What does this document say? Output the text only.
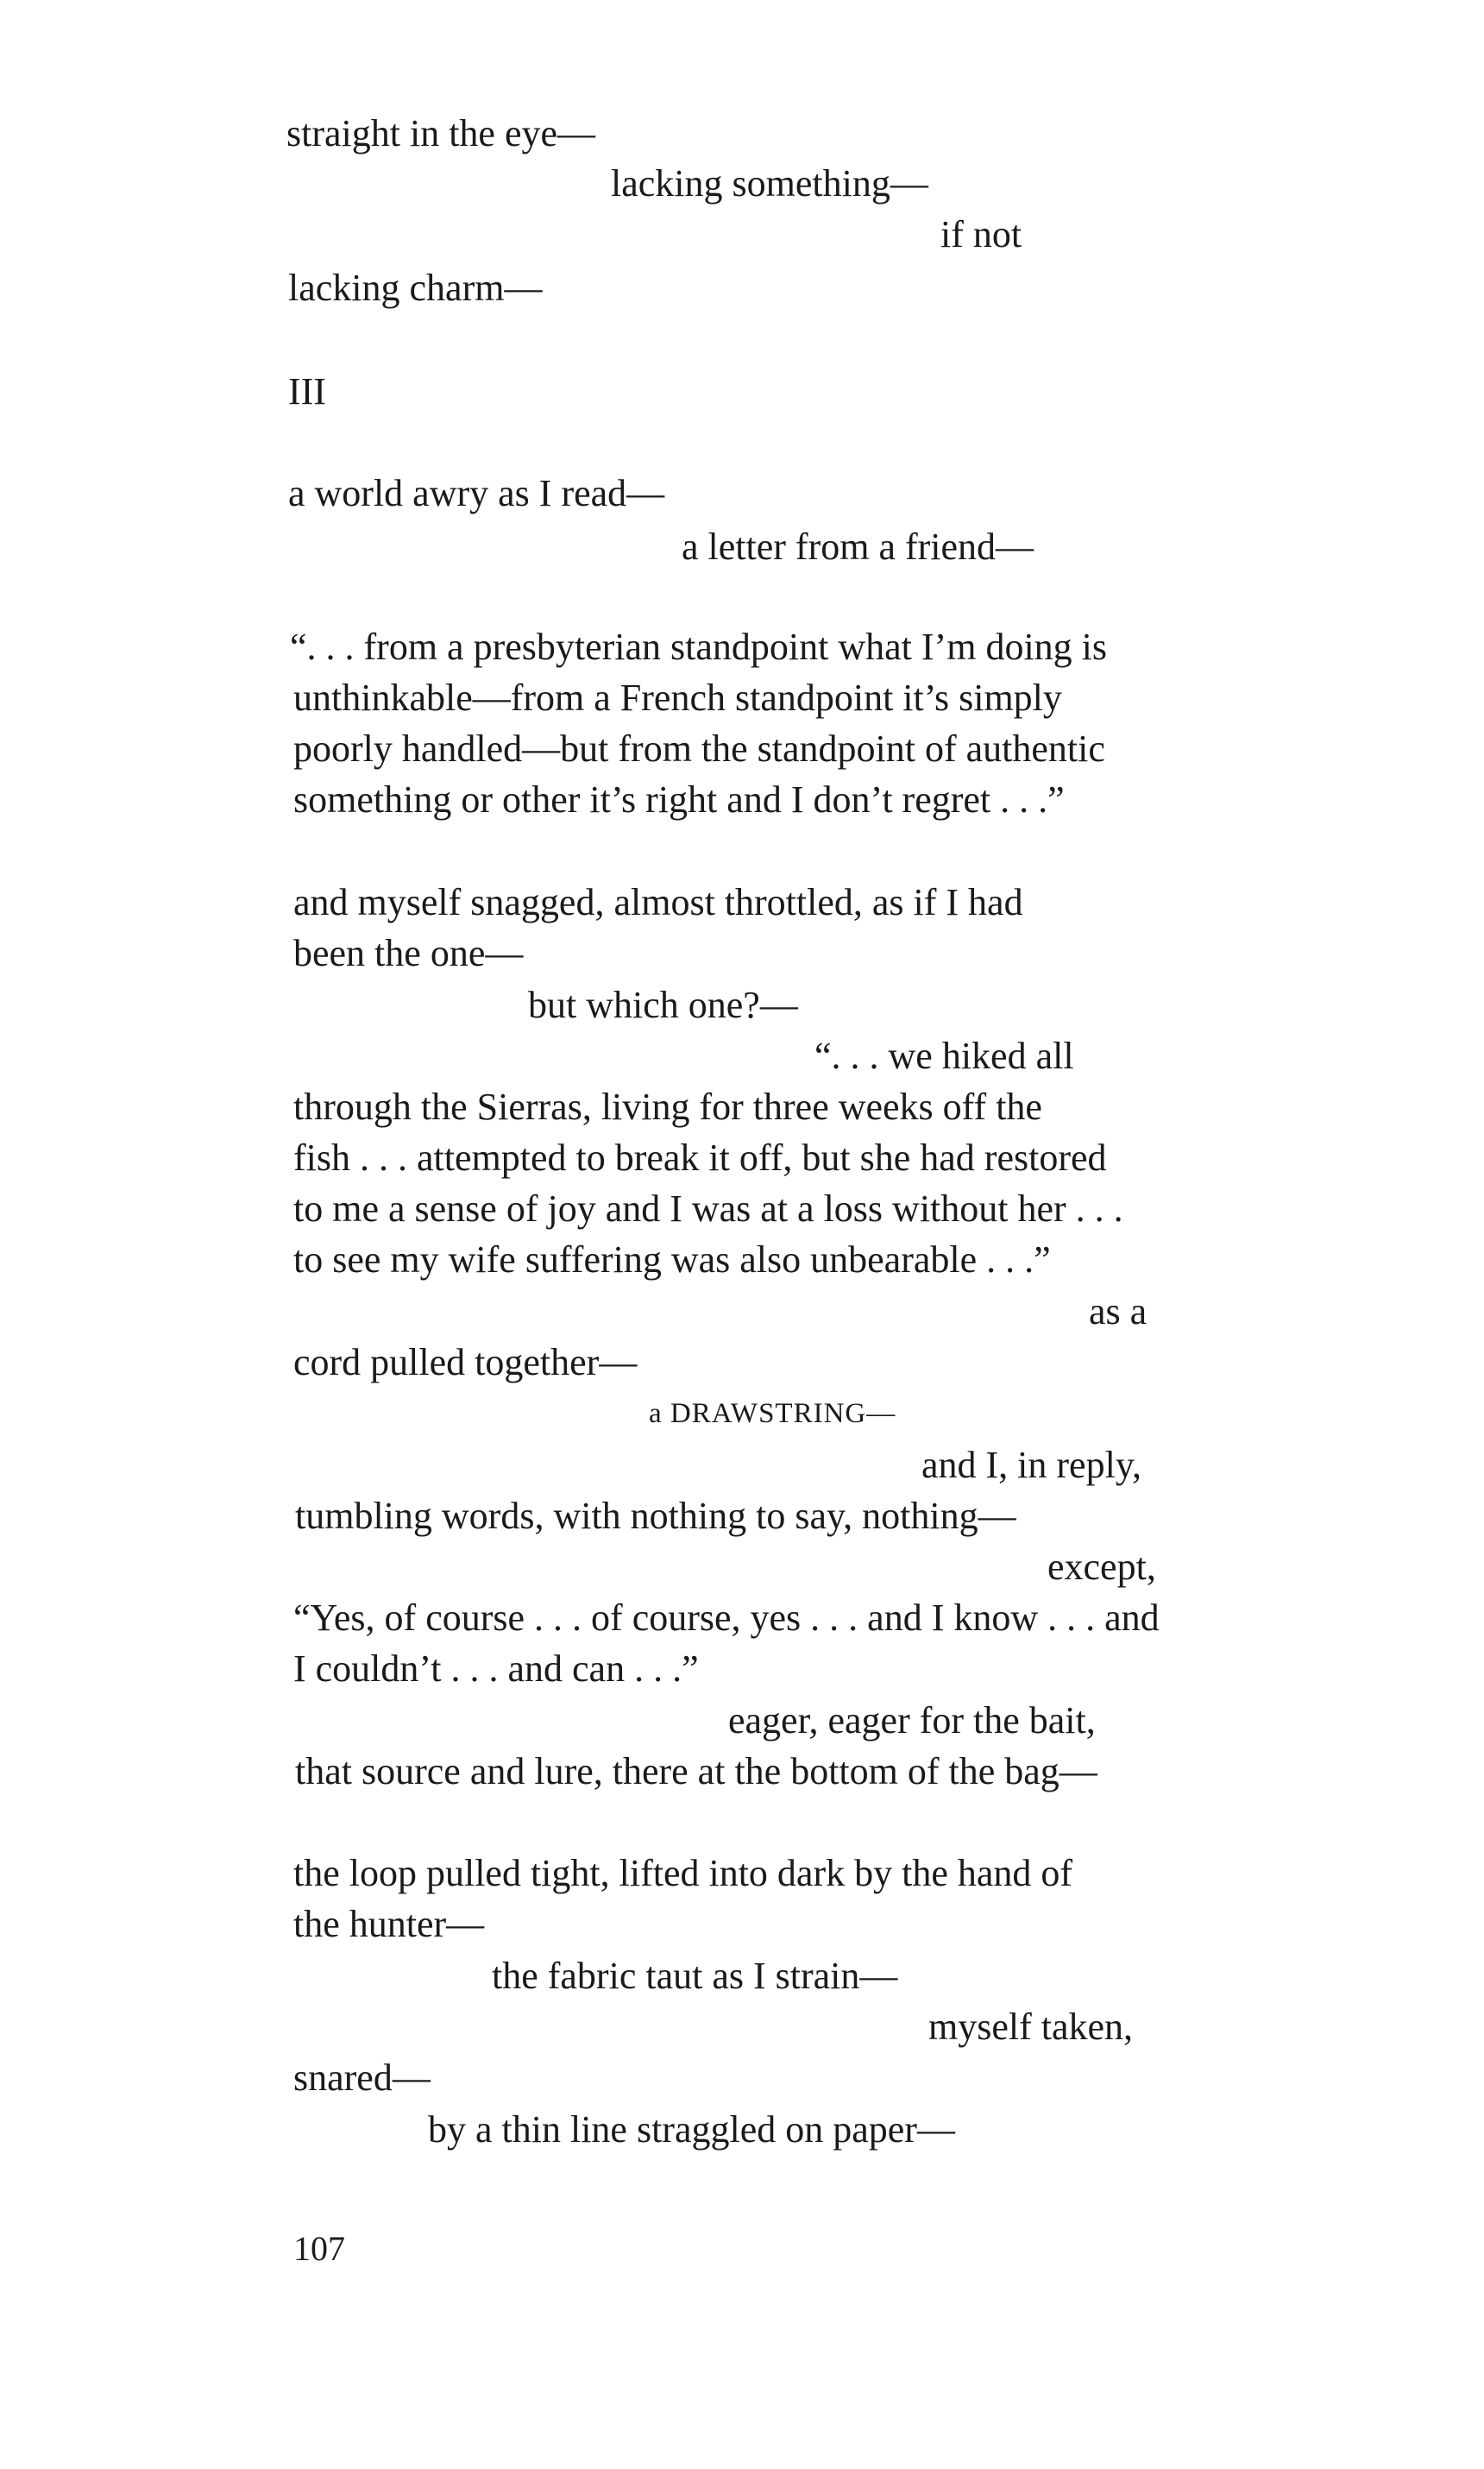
straight in the eye—
lacking something—
if not
lacking charm—
III
a world awry as I read—
a letter from a friend—
“. . . from a presbyterian standpoint what I’m doing is
unthinkable—from a French standpoint it’s simply
poorly handled—but from the standpoint of authentic
something or other it’s right and I don’t regret . . .”
and myself snagged, almost throttled, as if I had
been the one—
but which one?—
“. . . we hiked all
through the Sierras, living for three weeks off the
fish . . . attempted to break it off, but she had restored
to me a sense of joy and I was at a loss without her . . .
to see my wife suffering was also unbearable . . .”
as a
cord pulled together—
a DRAWSTRING—
and I, in reply,
tumbling words, with nothing to say, nothing—
except,
“Yes, of course . . . of course, yes . . . and I know . . . and
I couldn’t . . . and can . . .”
eager, eager for the bait,
that source and lure, there at the bottom of the bag—
the loop pulled tight, lifted into dark by the hand of
the hunter—
the fabric taut as I strain—
myself taken,
snared—
by a thin line straggled on paper—
107
